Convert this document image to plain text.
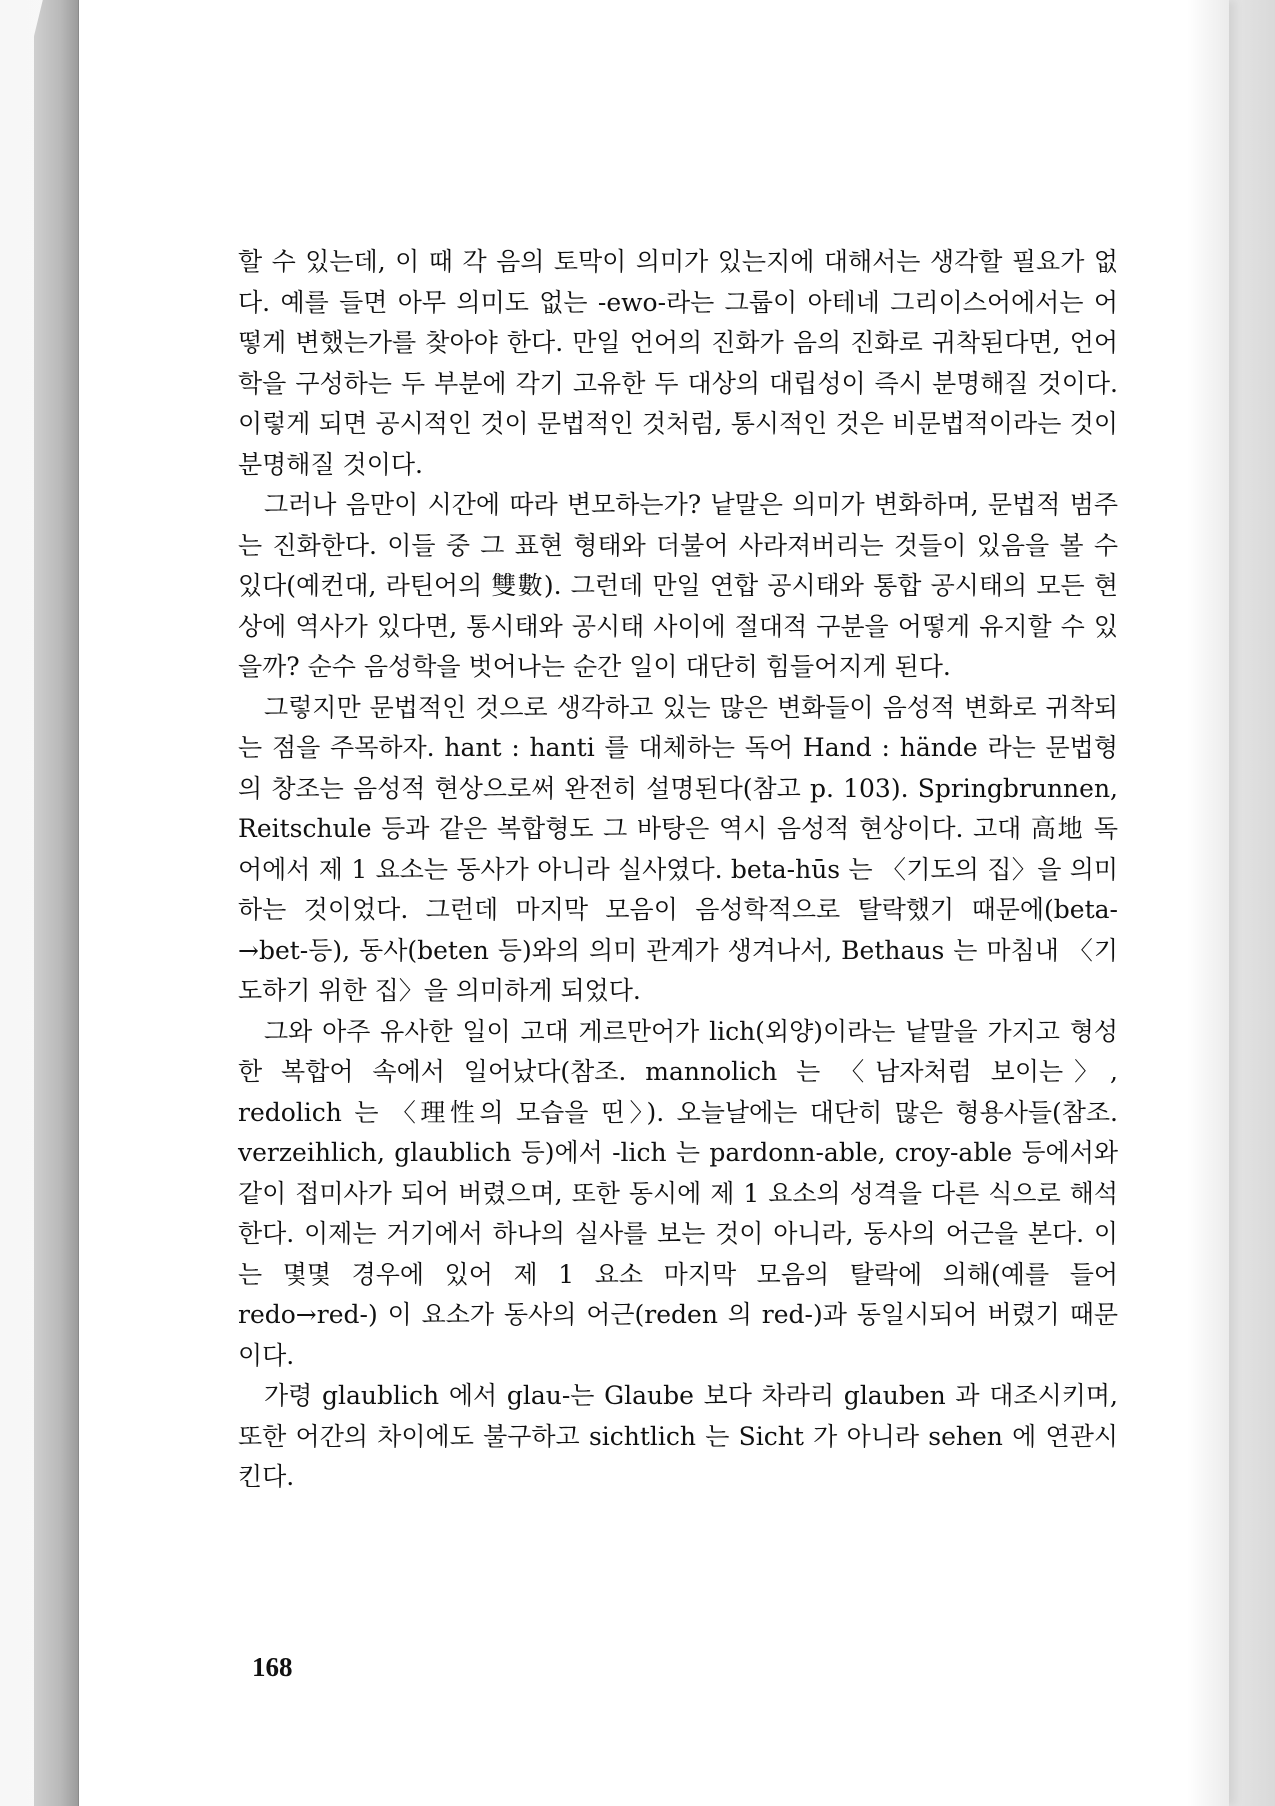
할 수 있는데, 이 때 각 음의 토막이 의미가 있는지에 대해서는 생각할 필요가 없다. 예를 들면 아무 의미도 없는 -ewo-라는 그룹이 아테네 그리이스어에서는 어떻게 변했는가를 찾아야 한다. 만일 언어의 진화가 음의 진화로 귀착된다면, 언어학을 구성하는 두 부분에 각기 고유한 두 대상의 대립성이 즉시 분명해질 것이다. 이렇게 되면 공시적인 것이 문법적인 것처럼, 통시적인 것은 비문법적이라는 것이 분명해질 것이다.

그러나 음만이 시간에 따라 변모하는가? 낱말은 의미가 변화하며, 문법적 범주는 진화한다. 이들 중 그 표현 형태와 더불어 사라져버리는 것들이 있음을 볼 수 있다(예컨대, 라틴어의 雙數). 그런데 만일 연합 공시태와 통합 공시태의 모든 현상에 역사가 있다면, 통시태와 공시태 사이에 절대적 구분을 어떻게 유지할 수 있을까? 순수 음성학을 벗어나는 순간 일이 대단히 힘들어지게 된다.

그렇지만 문법적인 것으로 생각하고 있는 많은 변화들이 음성적 변화로 귀착되는 점을 주목하자. hant : hanti 를 대체하는 독어 Hand : hände 라는 문법형의 창조는 음성적 현상으로써 완전히 설명된다(참고 p. 103). Springbrunnen, Reitschule 등과 같은 복합형도 그 바탕은 역시 음성적 현상이다. 고대 高地 독어에서 제 1 요소는 동사가 아니라 실사였다. beta-hūs 는 〈기도의 집〉을 의미하는 것이었다. 그런데 마지막 모음이 음성학적으로 탈락했기 때문에(beta-→bet-등), 동사(beten 등)와의 의미 관계가 생겨나서, Bethaus 는 마침내 〈기도하기 위한 집〉을 의미하게 되었다.

그와 아주 유사한 일이 고대 게르만어가 lich(외양)이라는 낱말을 가지고 형성한 복합어 속에서 일어났다(참조. mannolich 는 〈남자처럼 보이는〉, redolich 는 〈理性의 모습을 띤〉). 오늘날에는 대단히 많은 형용사들(참조. verzeihlich, glaublich 등)에서 -lich 는 pardonn-able, croy-able 등에서와 같이 접미사가 되어 버렸으며, 또한 동시에 제 1 요소의 성격을 다른 식으로 해석한다. 이제는 거기에서 하나의 실사를 보는 것이 아니라, 동사의 어근을 본다. 이는 몇몇 경우에 있어 제 1 요소 마지막 모음의 탈락에 의해(예를 들어 redo→red-) 이 요소가 동사의 어근(reden 의 red-)과 동일시되어 버렸기 때문이다.

가령 glaublich 에서 glau-는 Glaube 보다 차라리 glauben 과 대조시키며, 또한 어간의 차이에도 불구하고 sichtlich 는 Sicht 가 아니라 sehen 에 연관시킨다.

168
